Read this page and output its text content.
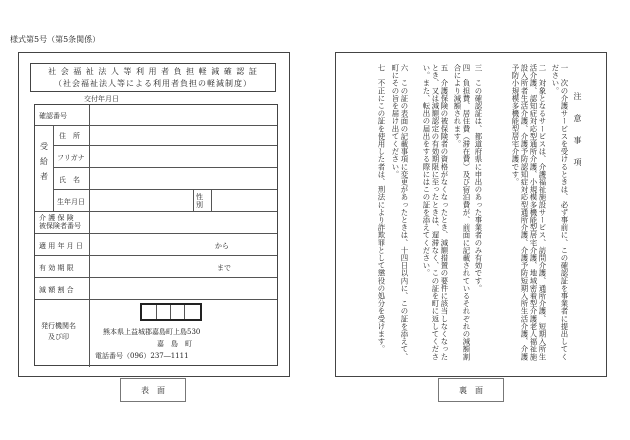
様式第5号（第5条関係）
社 会 福 祉 法 人 等 利 用 者 負 担 軽 減 確 認 証
（社会福祉法人等による利用者負担の軽減制度）
交付年月日
確認番号
受給者
住　所
フリガナ
氏　名
生年月日
性別
介 護 保 険
被保険者番号
適 用 年 月 日	から
有 効 期 限	まで
減 額 割 合
発行機関名
及び印
熊本県上益城郡嘉島町上島530
嘉　島　町
電話番号（096）237―1111
表　面
注　意　事　項
一　次の介護サービスを受けるときは、必ず事前に、この確認証を事業者に提出してください。
二　対象となるサービスは、介護福祉施設サービス、訪問介護、通所介護、短期入所生活介護、認知症対応型通所介護、小規模多機能型居宅介護、地域密着型介護老人福祉施設入所者生活介護、介護予防認知症対応型通所介護、介護予防短期入所生活介護、介護予防小規模多機能型居宅介護です。
三　この確認証は、都道府県に申出のあった事業者のみ有効です。
四　負担費、居住費（滞在費）及び宿泊費が、前面に記載されているそれぞれの減額割合により減額されます。
五　介護保険の被保険者の資格がなくなったとき、減額措置の要件に該当しなくなったとき、又は減額認定の有効期限に至ったときは、遅滞なく、この証を町に返してください。また、転出の届出をする際にはこの証を添えてください。
六　この証の表面の記載事項に変更があったときは、十四日以内に、この証を添えて、町にその旨を届け出てください。
七　不正にこの証を使用した者は、刑法により詐欺罪として懲役の処分を受けます。
裏　面
